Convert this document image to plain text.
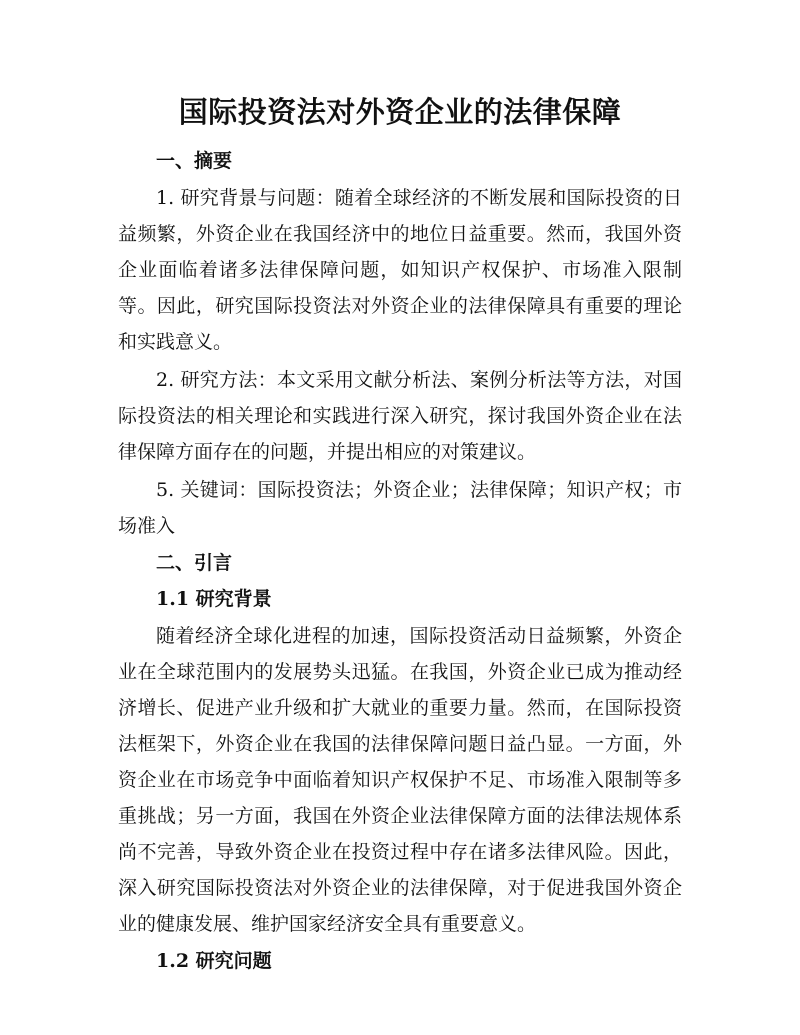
国际投资法对外资企业的法律保障
一、摘要

1. 研究背景与问题：随着全球经济的不断发展和国际投资的日益频繁，外资企业在我国经济中的地位日益重要。然而，我国外资企业面临着诸多法律保障问题，如知识产权保护、市场准入限制等。因此，研究国际投资法对外资企业的法律保障具有重要的理论和实践意义。

2. 研究方法：本文采用文献分析法、案例分析法等方法，对国际投资法的相关理论和实践进行深入研究，探讨我国外资企业在法律保障方面存在的问题，并提出相应的对策建议。

5. 关键词：国际投资法；外资企业；法律保障；知识产权；市场准入

二、引言
1.1 研究背景

随着经济全球化进程的加速，国际投资活动日益频繁，外资企业在全球范围内的发展势头迅猛。在我国，外资企业已成为推动经济增长、促进产业升级和扩大就业的重要力量。然而，在国际投资法框架下，外资企业在我国的法律保障问题日益凸显。一方面，外资企业在市场竞争中面临着知识产权保护不足、市场准入限制等多重挑战；另一方面，我国在外资企业法律保障方面的法律法规体系尚不完善，导致外资企业在投资过程中存在诸多法律风险。因此，深入研究国际投资法对外资企业的法律保障，对于促进我国外资企业的健康发展、维护国家经济安全具有重要意义。

1.2 研究问题
